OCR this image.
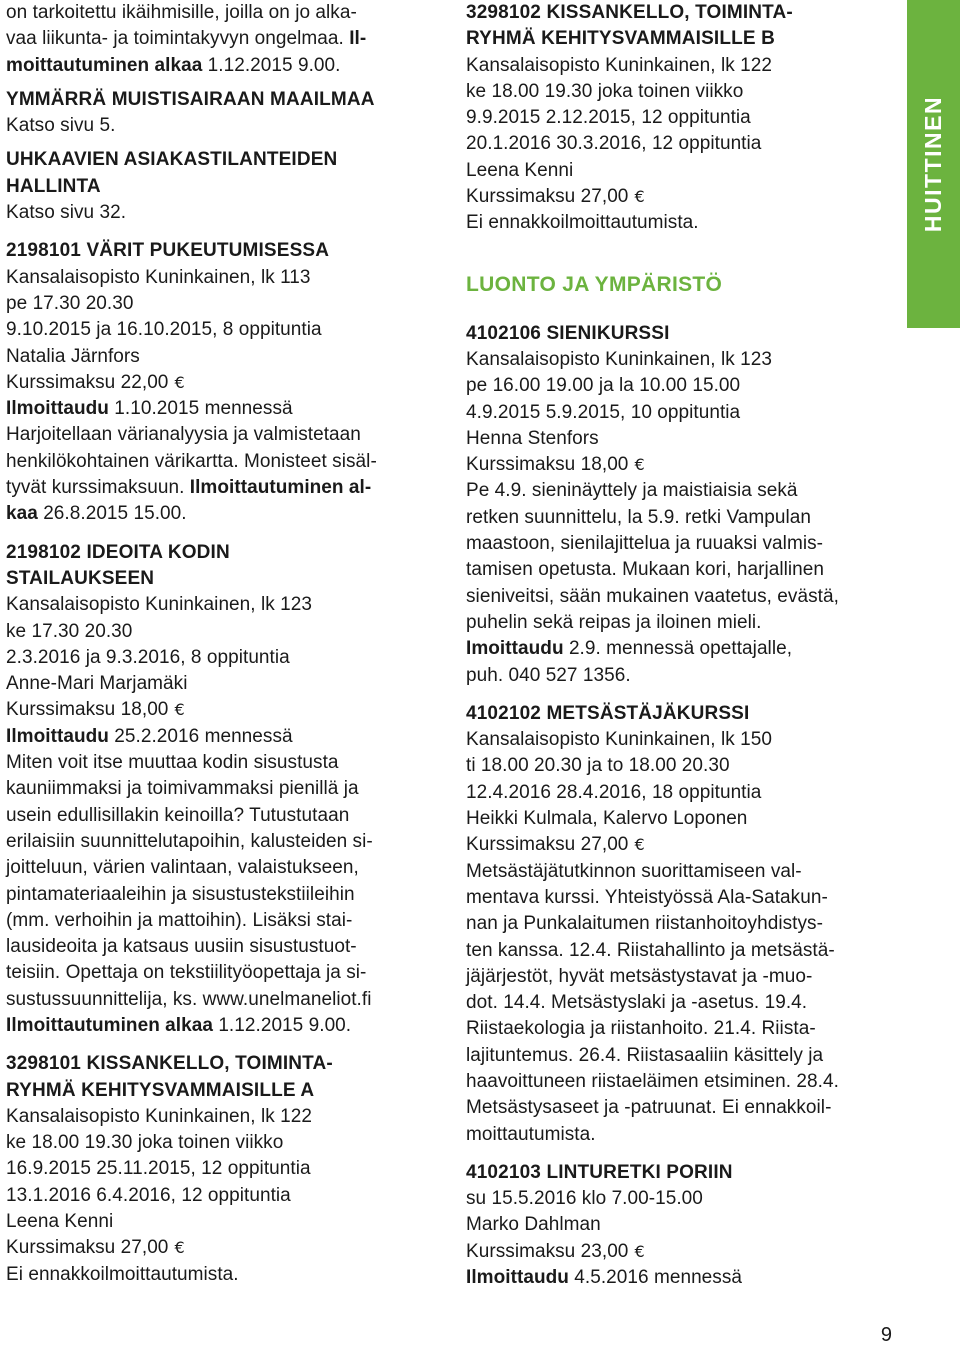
on tarkoitettu ikäihmisille, joilla on jo alka-

vaa liikunta- ja toimintakyvyn ongelmaa. Il-

moittautuminen alkaa 1.12.2015 9.00.

YMMÄRRÄ MUISTISAIRAAN MAAILMAA

Katso sivu 5.

UHKAAVIEN ASIAKASTILANTEIDEN

HALLINTA

Katso sivu 32.

2198101 VÄRIT PUKEUTUMISESSA

Kansalaisopisto Kuninkainen, lk 113

pe 17.30 20.30

9.10.2015 ja 16.10.2015, 8 oppituntia

Natalia Järnfors

Kurssimaksu 22,00 €

Ilmoittaudu 1.10.2015 mennessä

Harjoitellaan värianalyysia ja valmistetaan

henkilökohtainen värikartta. Monisteet sisäl-

tyvät kurssimaksuun. Ilmoittautuminen al-

kaa 26.8.2015 15.00.

2198102 IDEOITA KODIN

STAILAUKSEEN

Kansalaisopisto Kuninkainen, lk 123

ke 17.30 20.30

2.3.2016 ja 9.3.2016, 8 oppituntia

Anne-Mari Marjamäki

Kurssimaksu 18,00 €

Ilmoittaudu 25.2.2016 mennessä

Miten voit itse muuttaa kodin sisustusta

kauniimmaksi ja toimivammaksi pienillä ja

usein edullisillakin keinoilla? Tutustutaan

erilaisiin suunnittelutapoihin, kalusteiden si-

joitteluun, värien valintaan, valaistukseen,

pintamateriaaleihin ja sisustustekstiileihin

(mm. verhoihin ja mattoihin). Lisäksi stai-

lausideoita ja katsaus uusiin sisustustuot-

teisiin. Opettaja on tekstiilityöopettaja ja si-

sustussuunnittelija, ks. www.unelmaneliot.fi

Ilmoittautuminen alkaa 1.12.2015 9.00.

3298101 KISSANKELLO, TOIMINTA-

RYHMÄ KEHITYSVAMMAISILLE A

Kansalaisopisto Kuninkainen, lk 122

ke 18.00 19.30 joka toinen viikko

16.9.2015 25.11.2015, 12 oppituntia

13.1.2016 6.4.2016, 12 oppituntia

Leena Kenni

Kurssimaksu 27,00 €

Ei ennakkoilmoittautumista.

3298102 KISSANKELLO, TOIMINTA-

RYHMÄ KEHITYSVAMMAISILLE B

Kansalaisopisto Kuninkainen, lk 122

ke 18.00 19.30 joka toinen viikko

9.9.2015 2.12.2015, 12 oppituntia

20.1.2016 30.3.2016, 12 oppituntia

Leena Kenni

Kurssimaksu 27,00 €

Ei ennakkoilmoittautumista.

LUONTO JA YMPÄRISTÖ

4102106 SIENIKURSSI

Kansalaisopisto Kuninkainen, lk 123

pe 16.00 19.00 ja la 10.00 15.00

4.9.2015 5.9.2015, 10 oppituntia

Henna Stenfors

Kurssimaksu 18,00 €

Pe 4.9. sieninäyttely ja maistiaisia sekä

retken suunnittelu, la 5.9. retki Vampulan

maastoon, sienilajittelua ja ruuaksi valmis-

tamisen opetusta. Mukaan kori, harjallinen

sieniveitsi, sään mukainen vaatetus, evästä,

puhelin sekä reipas ja iloinen mieli.

Imoittaudu 2.9. mennessä opettajalle,

puh. 040 527 1356.

4102102 METSÄSTÄJÄKURSSI

Kansalaisopisto Kuninkainen, lk 150

ti 18.00 20.30 ja to 18.00 20.30

12.4.2016 28.4.2016, 18 oppituntia

Heikki Kulmala, Kalervo Loponen

Kurssimaksu 27,00 €

Metsästäjätutkinnon suorittamiseen val-

mentava kurssi. Yhteistyössä Ala-Satakun-

nan ja Punkalaitumen riistanhoitoyhdistys-

ten kanssa. 12.4. Riistahallinto ja metsästä-

jäjärjestöt, hyvät metsästystavat ja -muo-

dot. 14.4. Metsästyslaki ja -asetus. 19.4.

Riistaekologia ja riistanhoito. 21.4. Riista-

lajituntemus. 26.4. Riistasaaliin käsittely ja

haavoittuneen riistaeläimen etsiminen. 28.4.

Metsästysaseet ja -patruunat. Ei ennakkoil-

moittautumista.

4102103 LINTURETKI PORIIN

su 15.5.2016 klo 7.00-15.00

Marko Dahlman

Kurssimaksu 23,00 €

Ilmoittaudu 4.5.2016 mennessä

HUITTINEN
9
